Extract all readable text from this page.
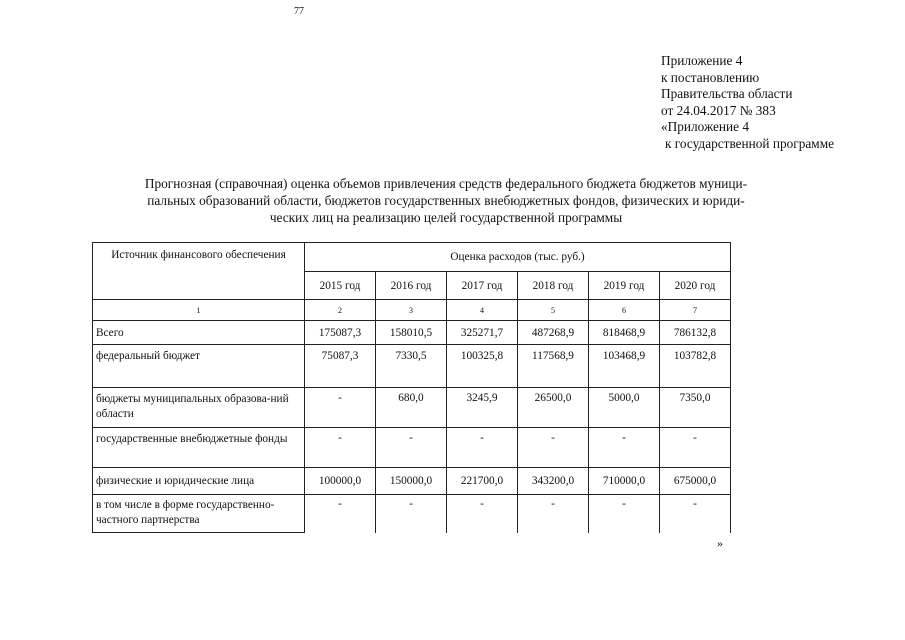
77
Приложение 4
к постановлению
Правительства области
от 24.04.2017 № 383
«Приложение 4
к государственной программе
Прогнозная (справочная) оценка объемов привлечения средств федерального бюджета бюджетов муници-
пальных образований области, бюджетов государственных внебюджетных фондов, физических и юриди-
ческих лиц на реализацию целей государственной программы
Источник финансового обеспечения	Оценка расходов (тыс. руб.)					
	2015 год	2016 год	2017 год	2018 год	2019 год	2020 год
1	2	3	4	5	6	7
Всего	175087,3	158010,5	325271,7	487268,9	818468,9	786132,8
федеральный бюджет	75087,3	7330,5	100325,8	117568,9	103468,9	103782,8
бюджеты муниципальных образова-ний области	-	680,0	3245,9	26500,0	5000,0	7350,0
государственные внебюджетные фонды	-	-	-	-	-	-
физические и юридические лица	100000,0	150000,0	221700,0	343200,0	710000,0	675000,0
в том числе в форме государственно-частного партнерства	-	-	-	-	-	-
»
